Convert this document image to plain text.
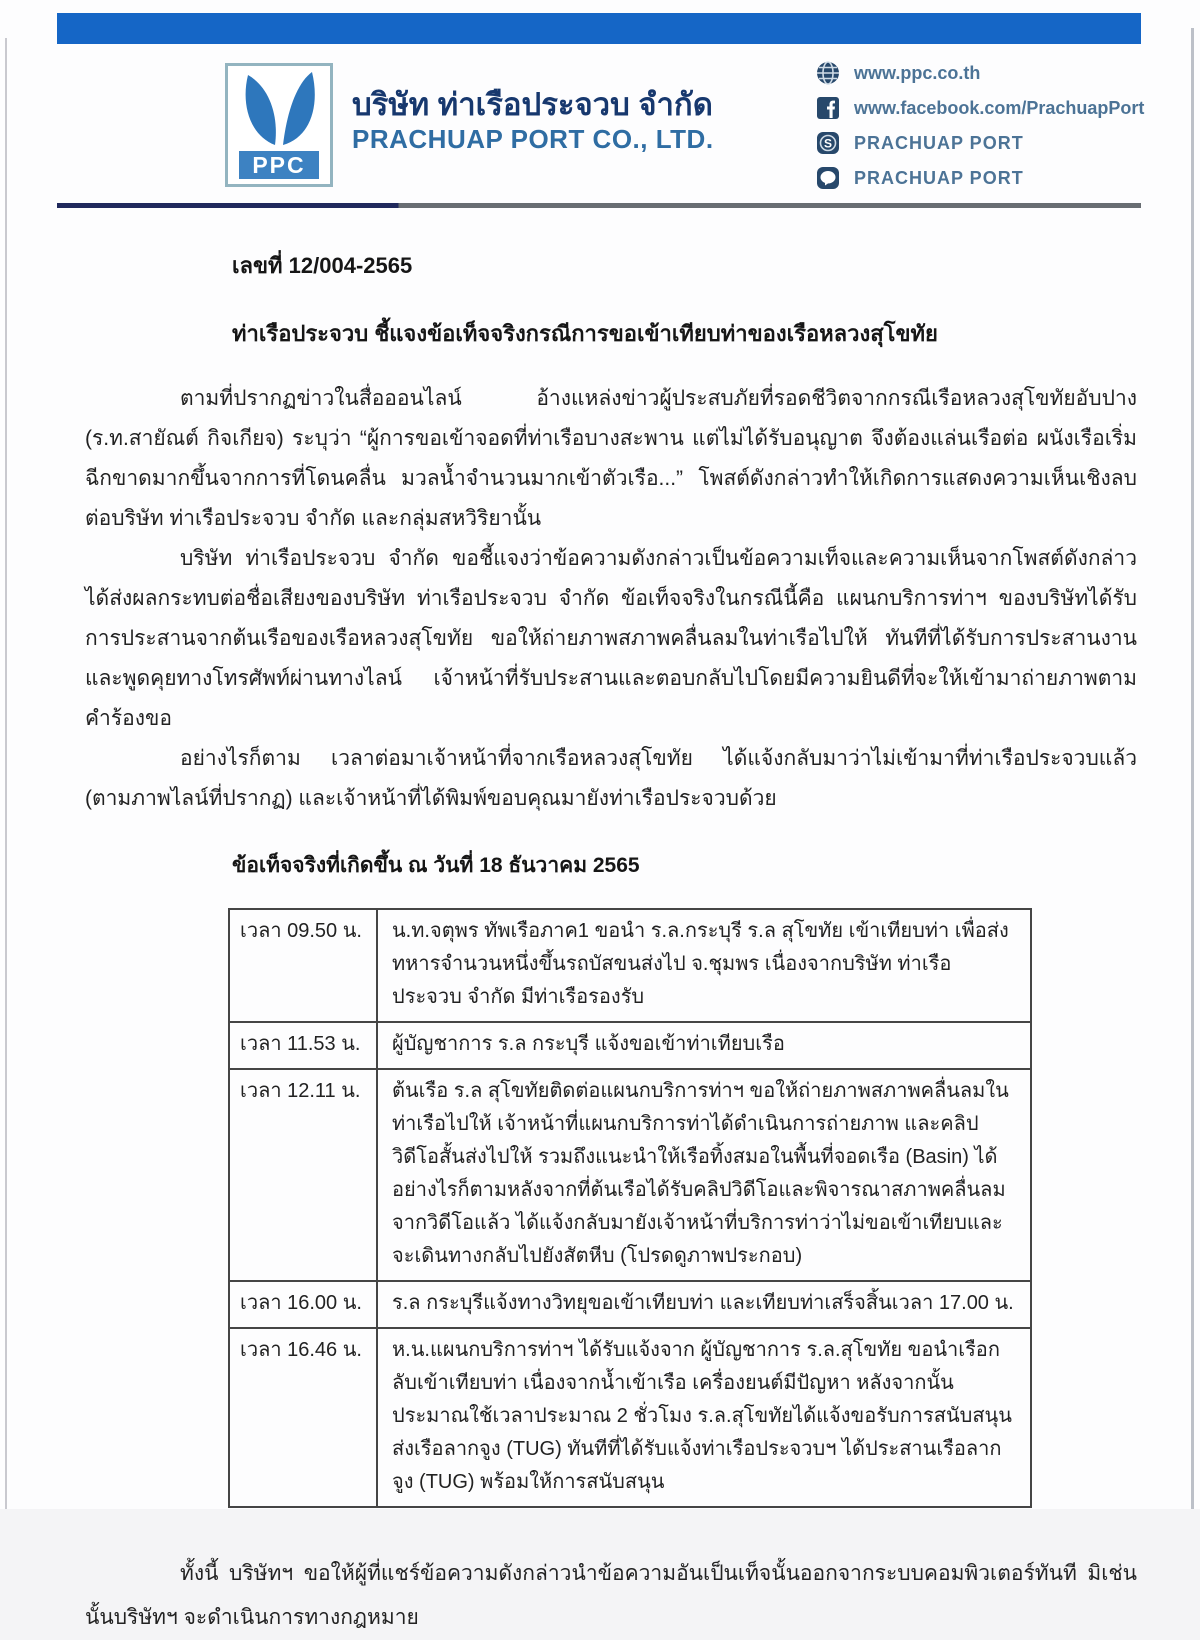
PPC
บริษัท ท่าเรือประจวบ จำกัด
PRACHUAP PORT CO., LTD.
www.ppc.co.th
www.facebook.com/PrachuapPort
S PRACHUAP PORT
PRACHUAP PORT
เลขที่ 12/004-2565
ท่าเรือประจวบ ชี้แจงข้อเท็จจริงกรณีการขอเข้าเทียบท่าของเรือหลวงสุโขทัย

ตามที่ปรากฏข่าวในสื่อออนไลน์ อ้างแหล่งข่าวผู้ประสบภัยที่รอดชีวิตจากกรณีเรือหลวงสุโขทัยอับปาง (ร.ท.สายัณต์ กิจเกียจ) ระบุว่า “ผู้การขอเข้าจอดที่ท่าเรือบางสะพาน แต่ไม่ได้รับอนุญาต จึงต้องแล่นเรือต่อ ผนังเรือเริ่มฉีกขาดมากขึ้นจากการที่โดนคลื่น มวลน้ำจำนวนมากเข้าตัวเรือ...” โพสต์ดังกล่าวทำให้เกิดการแสดงความเห็นเชิงลบต่อบริษัท ท่าเรือประจวบ จำกัด และกลุ่มสหวิริยานั้น

บริษัท ท่าเรือประจวบ จำกัด ขอชี้แจงว่าข้อความดังกล่าวเป็นข้อความเท็จและความเห็นจากโพสต์ดังกล่าวได้ส่งผลกระทบต่อชื่อเสียงของบริษัท ท่าเรือประจวบ จำกัด ข้อเท็จจริงในกรณีนี้คือ แผนกบริการท่าฯ ของบริษัทได้รับการประสานจากต้นเรือของเรือหลวงสุโขทัย ขอให้ถ่ายภาพสภาพคลื่นลมในท่าเรือไปให้ ทันทีที่ได้รับการประสานงาน และพูดคุยทางโทรศัพท์ผ่านทางไลน์ เจ้าหน้าที่รับประสานและตอบกลับไปโดยมีความยินดีที่จะให้เข้ามาถ่ายภาพตามคำร้องขอ

อย่างไรก็ตาม เวลาต่อมาเจ้าหน้าที่จากเรือหลวงสุโขทัย ได้แจ้งกลับมาว่าไม่เข้ามาที่ท่าเรือประจวบแล้ว (ตามภาพไลน์ที่ปรากฏ) และเจ้าหน้าที่ได้พิมพ์ขอบคุณมายังท่าเรือประจวบด้วย

ข้อเท็จจริงที่เกิดขึ้น ณ วันที่ 18 ธันวาคม 2565
เวลา 09.50 น.	น.ท.จตุพร ทัพเรือภาค1 ขอนำ ร.ล.กระบุรี ร.ล สุโขทัย เข้าเทียบท่า เพื่อส่งทหารจำนวนหนึ่งขึ้นรถบัสขนส่งไป จ.ชุมพร เนื่องจากบริษัท ท่าเรือประจวบ จำกัด มีท่าเรือรองรับ
เวลา 11.53 น.	ผู้บัญชาการ ร.ล กระบุรี แจ้งขอเข้าท่าเทียบเรือ
เวลา 12.11 น.	ต้นเรือ ร.ล สุโขทัยติดต่อแผนกบริการท่าฯ ขอให้ถ่ายภาพสภาพคลื่นลมในท่าเรือไปให้ เจ้าหน้าที่แผนกบริการท่าได้ดำเนินการถ่ายภาพ และคลิปวิดีโอสั้นส่งไปให้ รวมถึงแนะนำให้เรือทิ้งสมอในพื้นที่จอดเรือ (Basin) ได้ อย่างไรก็ตามหลังจากที่ต้นเรือได้รับคลิปวิดีโอและพิจารณาสภาพคลื่นลมจากวิดีโอแล้ว ได้แจ้งกลับมายังเจ้าหน้าที่บริการท่าว่าไม่ขอเข้าเทียบและจะเดินทางกลับไปยังสัตหีบ (โปรดดูภาพประกอบ)
เวลา 16.00 น.	ร.ล กระบุรีแจ้งทางวิทยุขอเข้าเทียบท่า และเทียบท่าเสร็จสิ้นเวลา 17.00 น.
เวลา 16.46 น.	ห.น.แผนกบริการท่าฯ ได้รับแจ้งจาก ผู้บัญชาการ ร.ล.สุโขทัย ขอนำเรือกลับเข้าเทียบท่า เนื่องจากน้ำเข้าเรือ เครื่องยนต์มีปัญหา หลังจากนั้นประมาณใช้เวลาประมาณ 2 ชั่วโมง ร.ล.สุโขทัยได้แจ้งขอรับการสนับสนุนส่งเรือลากจูง (TUG) ทันทีที่ได้รับแจ้งท่าเรือประจวบฯ ได้ประสานเรือลากจูง (TUG) พร้อมให้การสนับสนุน

ทั้งนี้ บริษัทฯ ขอให้ผู้ที่แชร์ข้อความดังกล่าวนำข้อความอันเป็นเท็จนั้นออกจากระบบคอมพิวเตอร์ทันที มิเช่นนั้นบริษัทฯ จะดำเนินการทางกฎหมาย
